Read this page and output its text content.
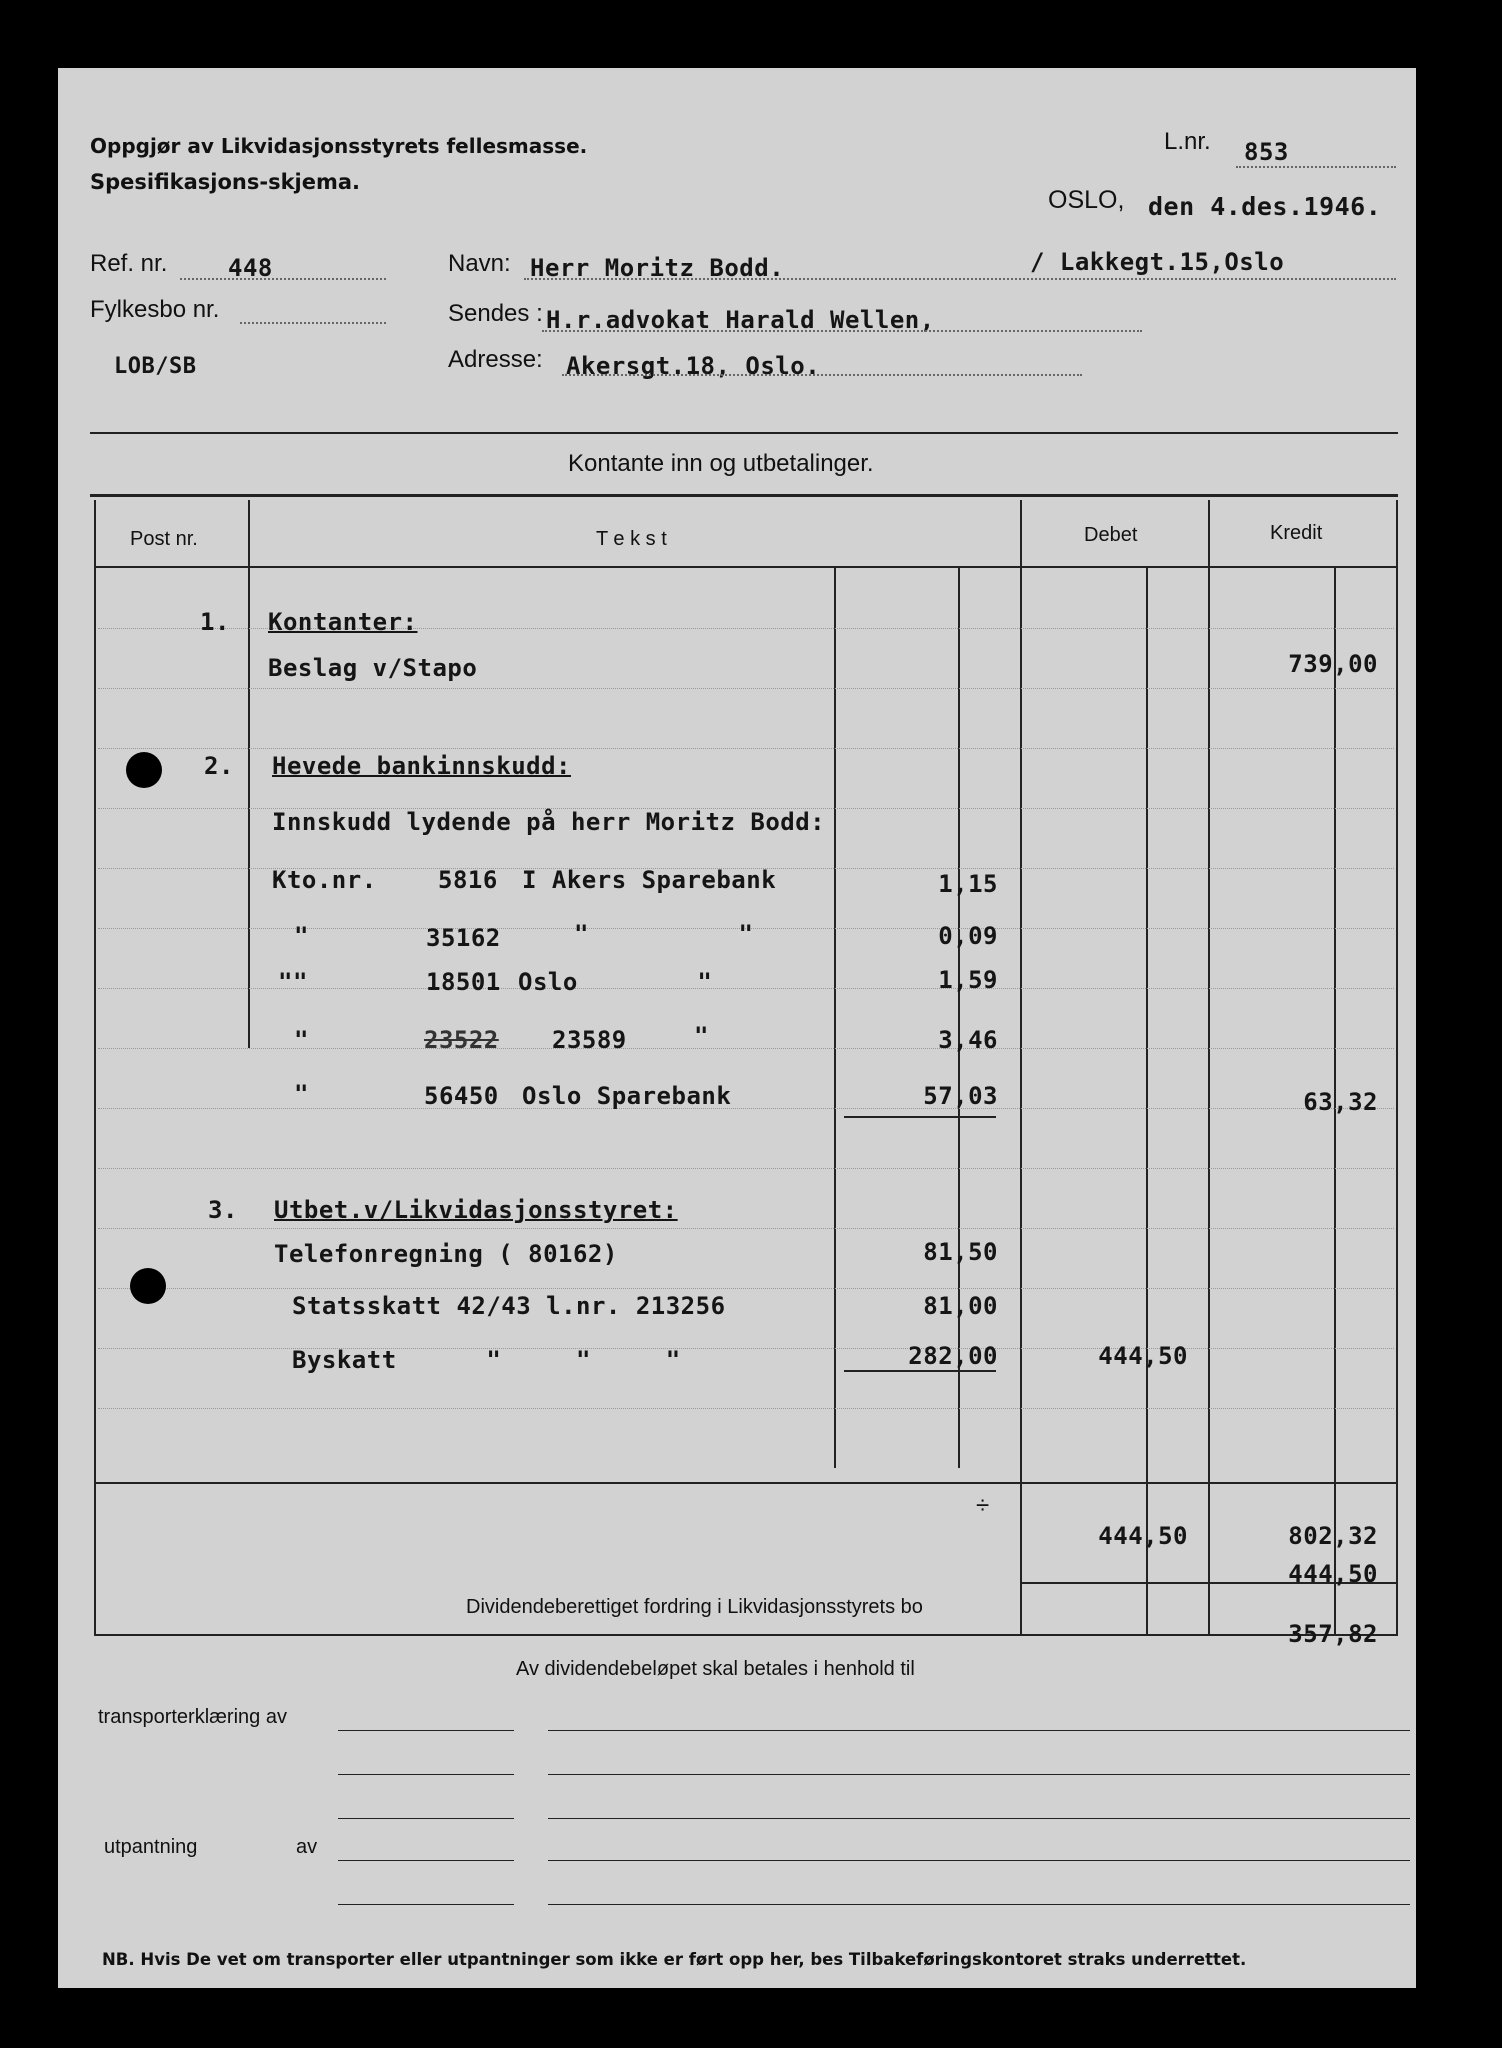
Oppgjør av Likvidasjonsstyrets fellesmasse.
Spesifikasjons-skjema.
L.nr. 853
OSLO, den 4.des.1946.
Ref. nr.	448
Fylkesbo nr.
LOB/SB
Navn: Herr Moritz Bodd.	/ Lakkegt.15,Oslo
Sendes : H.r.advokat Harald Wellen,
Adresse: Akersgt.18, Oslo.
Kontante inn og utbetalinger.
Post nr.	T e k s t	Debet	Kredit
1. Kontanter:
Beslag v/Stapo	739,00
2. Hevede bankinnskudd:
Innskudd lydende på herr Moritz Bodd:
Kto.nr.	5816 I Akers Sparebank	1,15
"	35162	"          "	0,09
""	18501 Oslo        "	1,59
"	23522 23589	"	3,46
"	56450 Oslo Sparebank	57,03	63,32
3. Utbet.v/Likvidasjonsstyret:
Telefonregning ( 80162)	81,50
Statsskatt 42/43 l.nr. 213256	81,00
Byskatt      "     "     "	282,00	444,50
÷
444,50	802,32
444,50
Dividendeberettiget fordring i Likvidasjonsstyrets bo
357,82
Av dividendebeløpet skal betales i henhold til
transporterklæring av
utpantning	av
NB. Hvis De vet om transporter eller utpantninger som ikke er ført opp her, bes Tilbakeføringskontoret straks underrettet.
